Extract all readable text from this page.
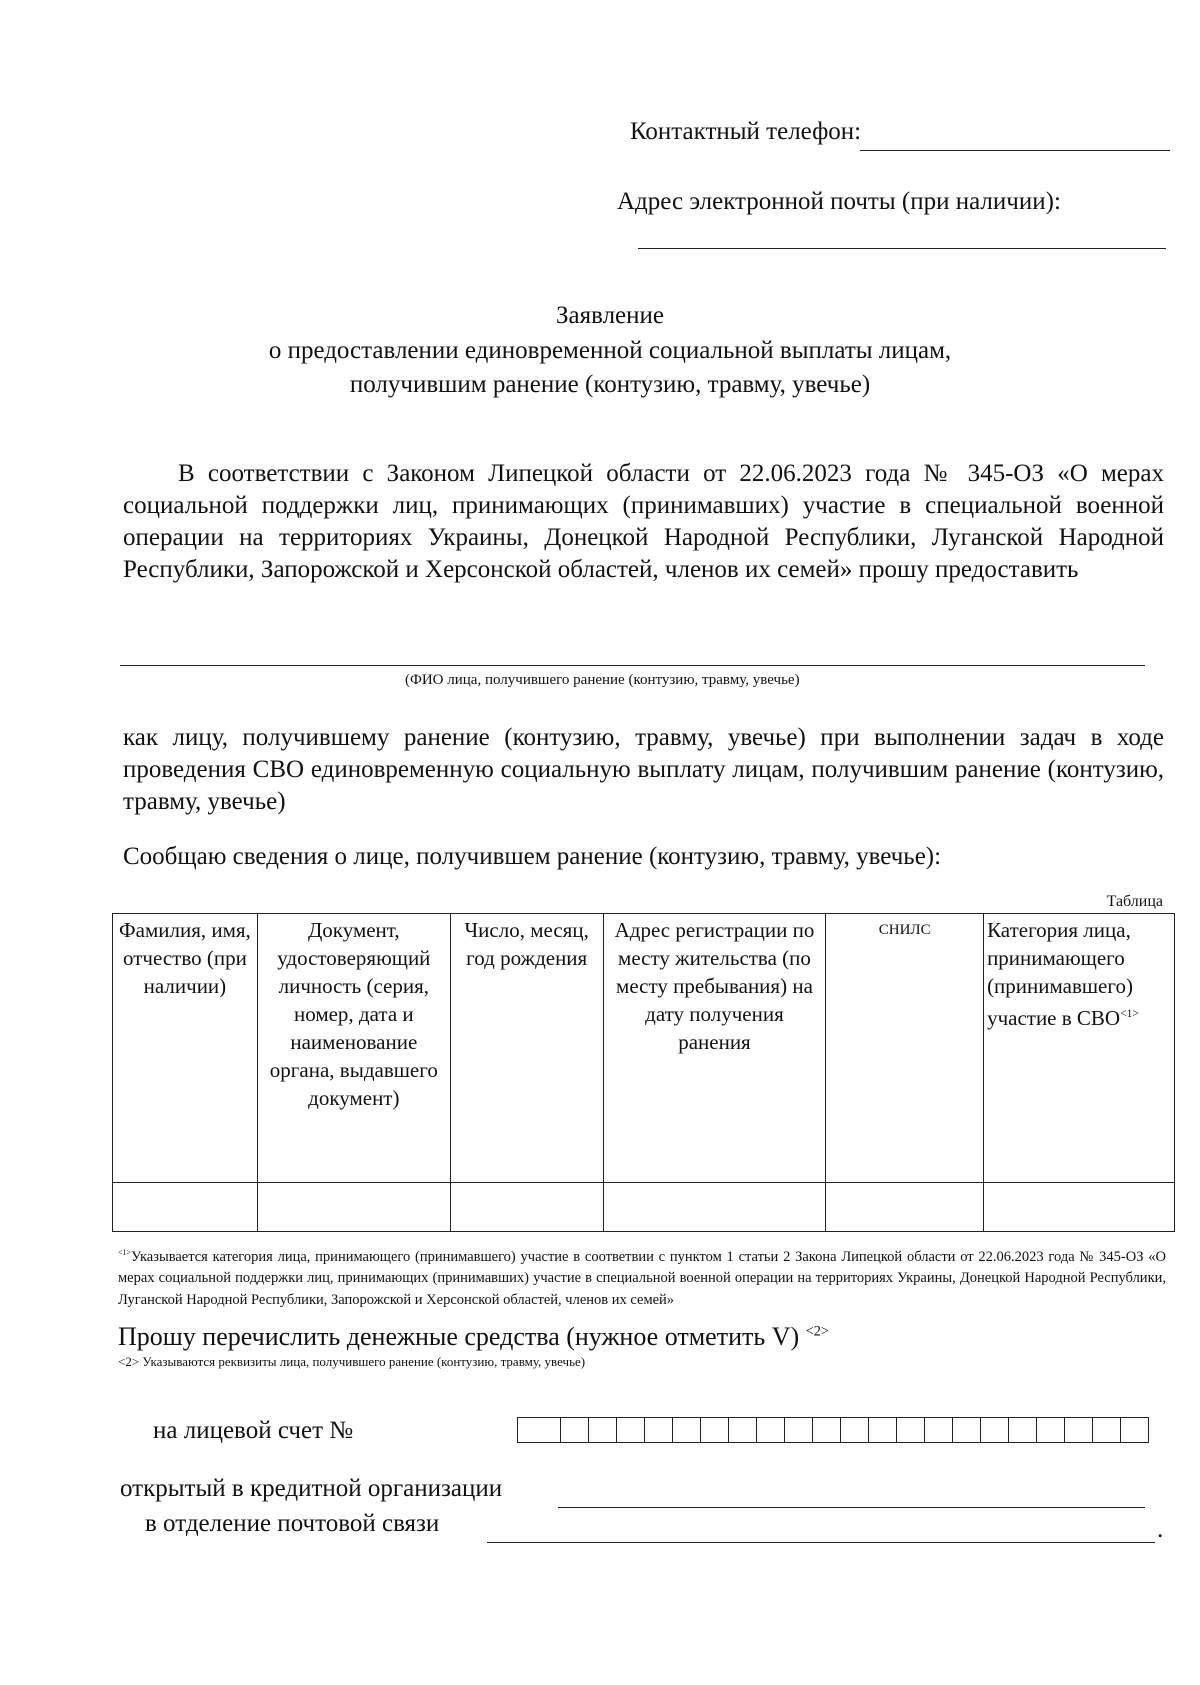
Контактный телефон:
Адрес электронной почты (при наличии):
Заявление
о предоставлении единовременной социальной выплаты лицам,
получившим ранение (контузию, травму, увечье)
В соответствии с Законом Липецкой области от 22.06.2023 года № 345-ОЗ «О мерах социальной поддержки лиц, принимающих (принимавших) участие в специальной военной операции на территориях Украины, Донецкой Народной Республики, Луганской Народной Республики, Запорожской и Херсонской областей, членов их семей» прошу предоставить
(ФИО лица, получившего ранение (контузию, травму, увечье)
как лицу, получившему ранение (контузию, травму, увечье) при выполнении задач в ходе проведения СВО единовременную социальную выплату лицам, получившим ранение (контузию, травму, увечье)
Сообщаю сведения о лице, получившем ранение (контузию, травму, увечье):
Таблица
Фамилия, имя, отчество (при наличии)	Документ, удостоверяющий личность (серия, номер, дата и наименование органа, выдавшего документ)	Число, месяц, год рождения	Адрес регистрации по месту жительства (по месту пребывания) на дату получения ранения	СНИЛС	Категория лица, принимающего (принимавшего) участие в $СВО^{<1>}$

$^{<1>}$Указывается категория лица, принимающего (принимавшего) участие в соответвии с пунктом 1 статьи 2 Закона Липецкой области от 22.06.2023 года № 345-ОЗ «О мерах социальной поддержки лиц, принимающих (принимавших) участие в специальной военной операции на территориях Украины, Донецкой Народной Республики, Луганской Народной Республики, Запорожской и Херсонской областей, членов их семей»
Прошу перечислить денежные средства (нужное отметить V) $^{<2>}$
<2> Указываются реквизиты лица, получившего ранение (контузию, травму, увечье)
на лицевой счет №
открытый в кредитной организации
в отделение почтовой связи	.
